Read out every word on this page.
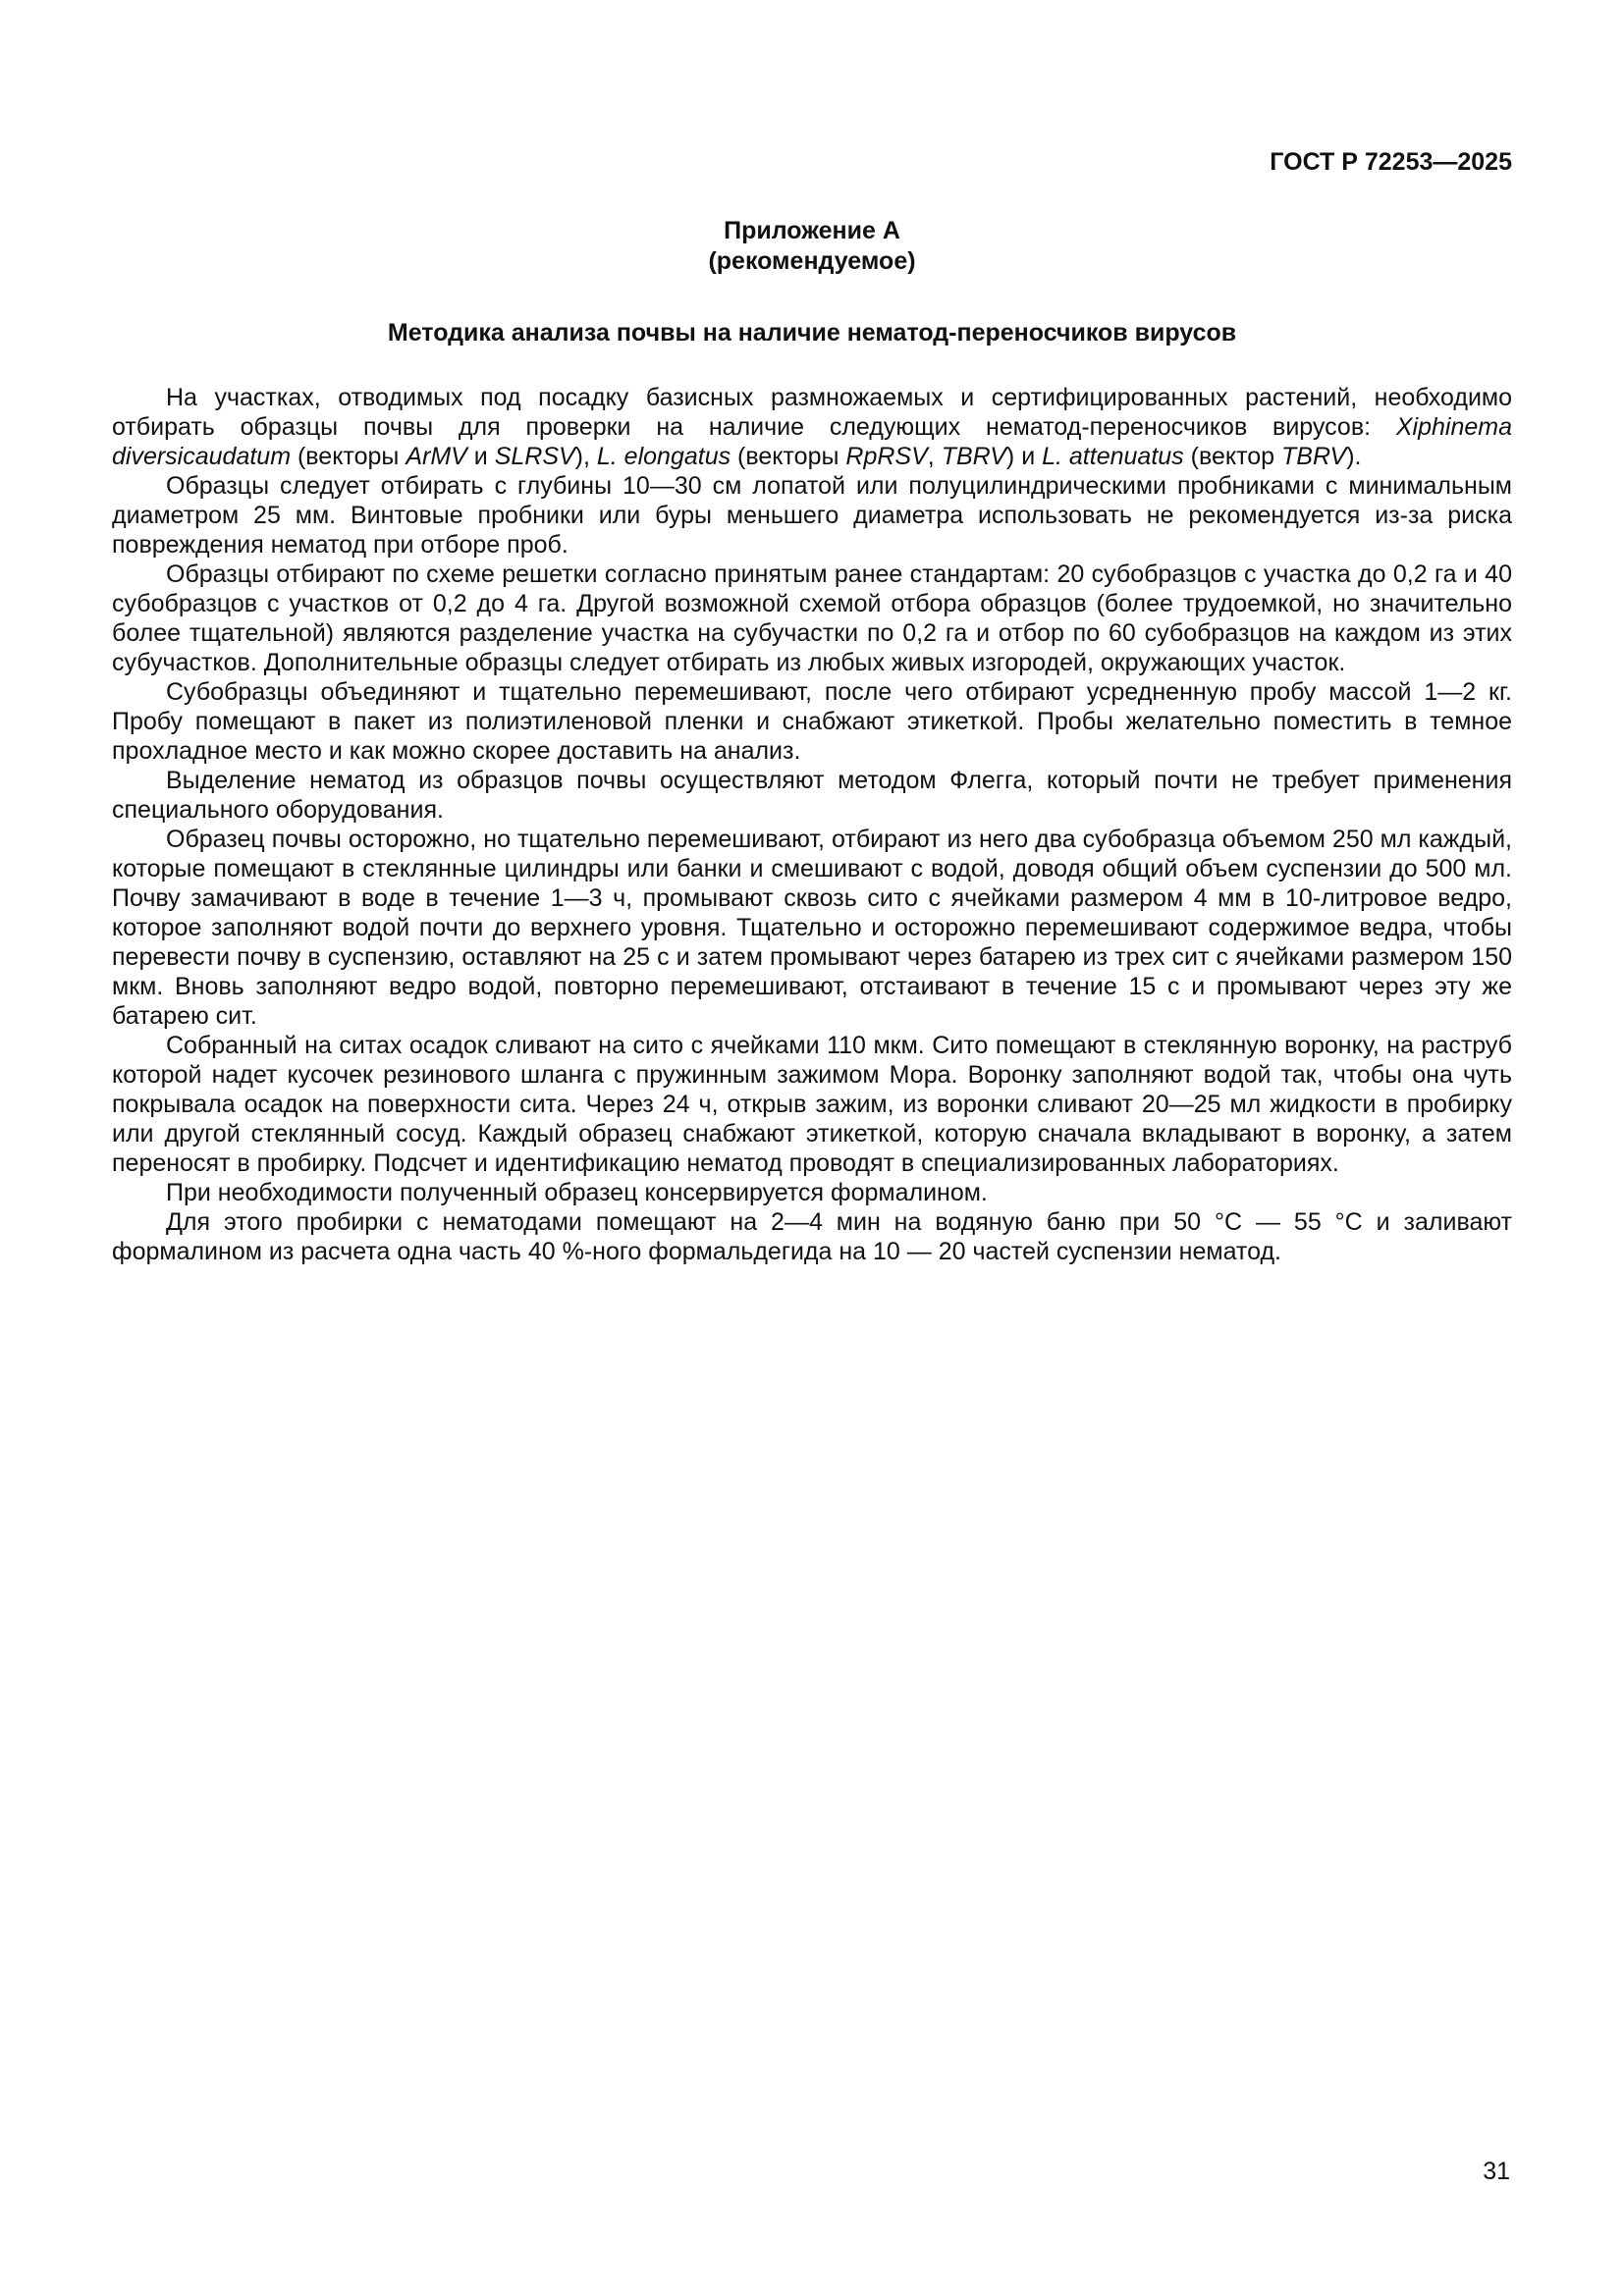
ГОСТ Р 72253—2025
Приложение А
(рекомендуемое)
Методика анализа почвы на наличие нематод-переносчиков вирусов

На участках, отводимых под посадку базисных размножаемых и сертифицированных растений, необходимо отбирать образцы почвы для проверки на наличие следующих нематод-переносчиков вирусов: Xiphinema diversicaudatum (векторы ArMV и SLRSV), L. elongatus (векторы RpRSV, TBRV) и L. attenuatus (вектор TBRV).

Образцы следует отбирать с глубины 10—30 см лопатой или полуцилиндрическими пробниками с минимальным диаметром 25 мм. Винтовые пробники или буры меньшего диаметра использовать не рекомендуется из-за риска повреждения нематод при отборе проб.

Образцы отбирают по схеме решетки согласно принятым ранее стандартам: 20 субобразцов с участка до 0,2 га и 40 субобразцов с участков от 0,2 до 4 га. Другой возможной схемой отбора образцов (более трудоемкой, но значительно более тщательной) являются разделение участка на субучастки по 0,2 га и отбор по 60 субобразцов на каждом из этих субучастков. Дополнительные образцы следует отбирать из любых живых изгородей, окружающих участок.

Субобразцы объединяют и тщательно перемешивают, после чего отбирают усредненную пробу массой 1—2 кг. Пробу помещают в пакет из полиэтиленовой пленки и снабжают этикеткой. Пробы желательно поместить в темное прохладное место и как можно скорее доставить на анализ.

Выделение нематод из образцов почвы осуществляют методом Флегга, который почти не требует применения специального оборудования.

Образец почвы осторожно, но тщательно перемешивают, отбирают из него два субобразца объемом 250 мл каждый, которые помещают в стеклянные цилиндры или банки и смешивают с водой, доводя общий объем суспензии до 500 мл. Почву замачивают в воде в течение 1—3 ч, промывают сквозь сито с ячейками размером 4 мм в 10-литровое ведро, которое заполняют водой почти до верхнего уровня. Тщательно и осторожно перемешивают содержимое ведра, чтобы перевести почву в суспензию, оставляют на 25 с и затем промывают через батарею из трех сит с ячейками размером 150 мкм. Вновь заполняют ведро водой, повторно перемешивают, отстаивают в течение 15 с и промывают через эту же батарею сит.

Собранный на ситах осадок сливают на сито с ячейками 110 мкм. Сито помещают в стеклянную воронку, на раструб которой надет кусочек резинового шланга с пружинным зажимом Мора. Воронку заполняют водой так, чтобы она чуть покрывала осадок на поверхности сита. Через 24 ч, открыв зажим, из воронки сливают 20—25 мл жидкости в пробирку или другой стеклянный сосуд. Каждый образец снабжают этикеткой, которую сначала вкладывают в воронку, а затем переносят в пробирку. Подсчет и идентификацию нематод проводят в специализированных лабораториях.

При необходимости полученный образец консервируется формалином.

Для этого пробирки с нематодами помещают на 2—4 мин на водяную баню при 50 °С — 55 °С и заливают формалином из расчета одна часть 40 %-ного формальдегида на 10 — 20 частей суспензии нематод.

31
